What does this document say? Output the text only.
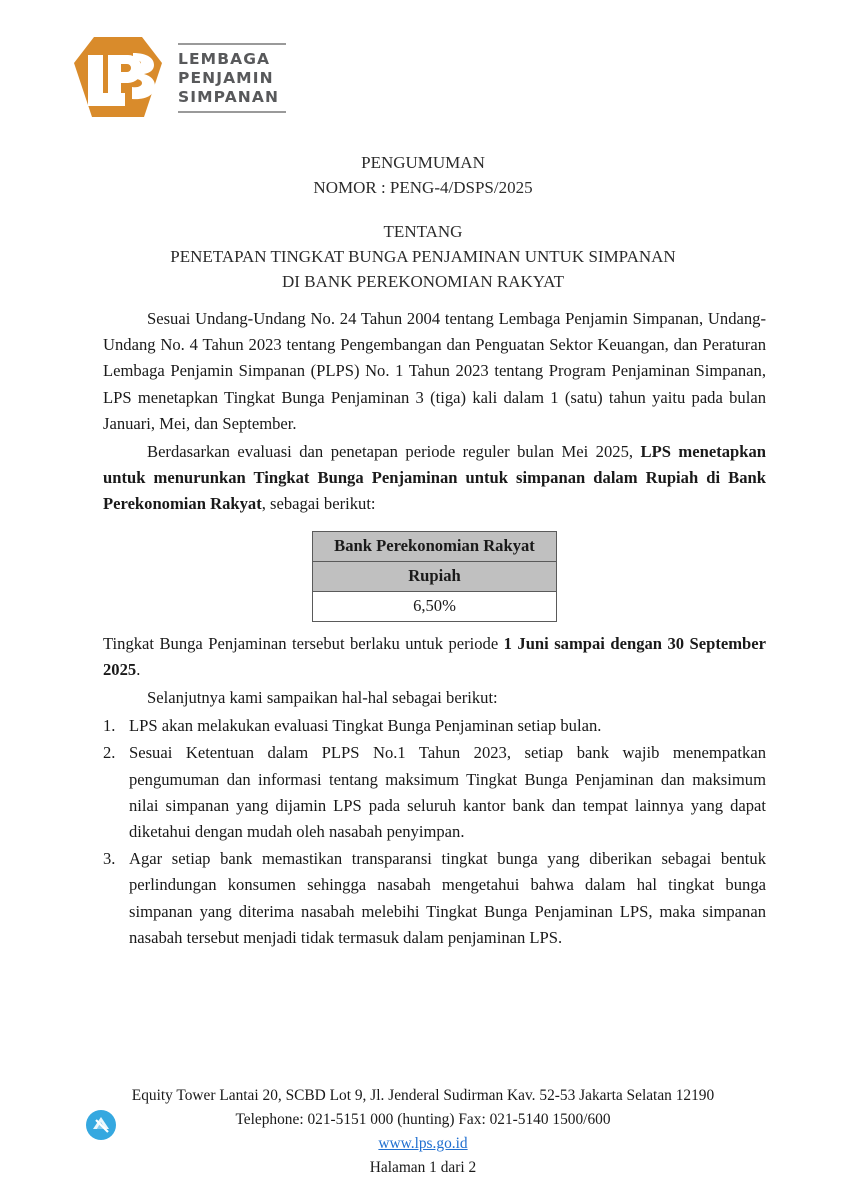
LEMBAGA
PENJAMIN
SIMPANAN
PENGUMUMAN
NOMOR : PENG-4/DSPS/2025
TENTANG
PENETAPAN TINGKAT BUNGA PENJAMINAN UNTUK SIMPANAN
DI BANK PEREKONOMIAN RAKYAT

Sesuai Undang-Undang No. 24 Tahun 2004 tentang Lembaga Penjamin Simpanan, Undang-Undang No. 4 Tahun 2023 tentang Pengembangan dan Penguatan Sektor Keuangan, dan Peraturan Lembaga Penjamin Simpanan (PLPS) No. 1 Tahun 2023 tentang Program Penjaminan Simpanan, LPS menetapkan Tingkat Bunga Penjaminan 3 (tiga) kali dalam 1 (satu) tahun yaitu pada bulan Januari, Mei, dan September.

Berdasarkan evaluasi dan penetapan periode reguler bulan Mei 2025, LPS menetapkan untuk menurunkan Tingkat Bunga Penjaminan untuk simpanan dalam Rupiah di Bank Perekonomian Rakyat, sebagai berikut:

Bank Perekonomian Rakyat
Rupiah
6,50%

Tingkat Bunga Penjaminan tersebut berlaku untuk periode 1 Juni sampai dengan 30 September 2025.

Selanjutnya kami sampaikan hal-hal sebagai berikut:

1. LPS akan melakukan evaluasi Tingkat Bunga Penjaminan setiap bulan.
2. Sesuai Ketentuan dalam PLPS No.1 Tahun 2023, setiap bank wajib menempatkan pengumuman dan informasi tentang maksimum Tingkat Bunga Penjaminan dan maksimum nilai simpanan yang dijamin LPS pada seluruh kantor bank dan tempat lainnya yang dapat diketahui dengan mudah oleh nasabah penyimpan.
3. Agar setiap bank memastikan transparansi tingkat bunga yang diberikan sebagai bentuk perlindungan konsumen sehingga nasabah mengetahui bahwa dalam hal tingkat bunga simpanan yang diterima nasabah melebihi Tingkat Bunga Penjaminan LPS, maka simpanan nasabah tersebut menjadi tidak termasuk dalam penjaminan LPS.
Equity Tower Lantai 20, SCBD Lot 9, Jl. Jenderal Sudirman Kav. 52-53 Jakarta Selatan 12190
Telephone: 021-5151 000 (hunting) Fax: 021-5140 1500/600
www.lps.go.id
Halaman 1 dari 2
